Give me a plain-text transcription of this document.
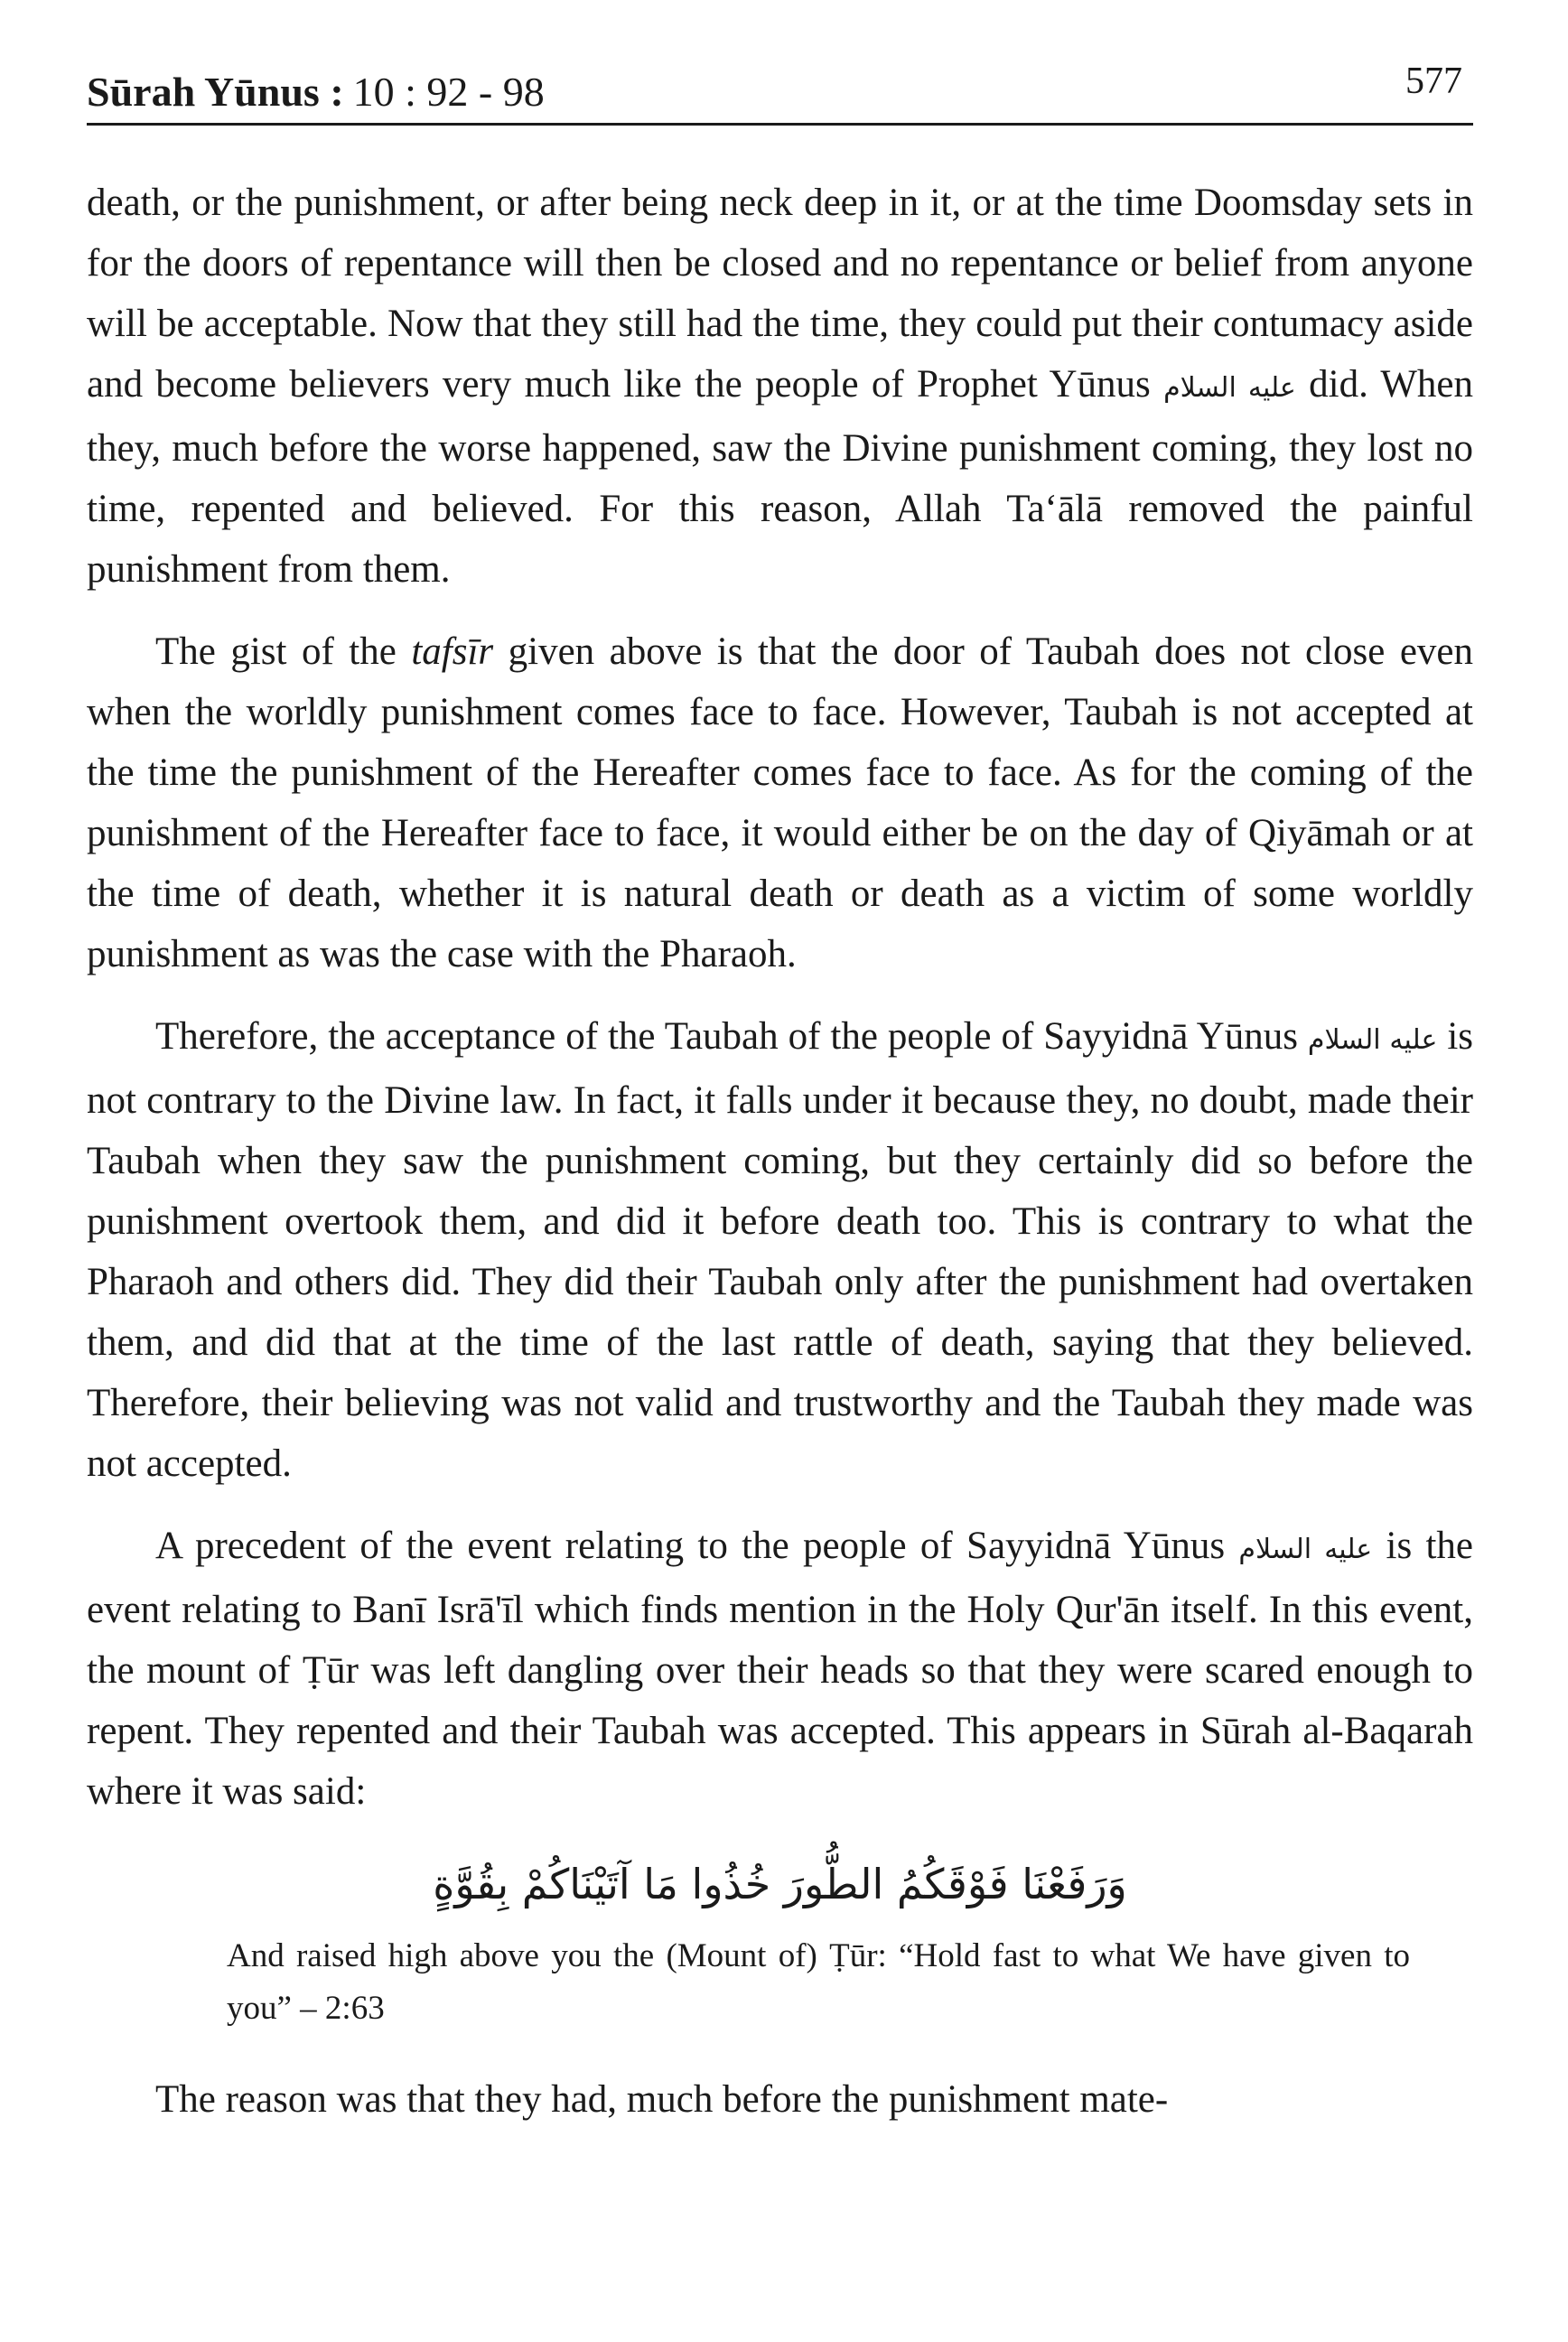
Sūrah Yūnus : 10 : 92 - 98	577

death, or the punishment, or after being neck deep in it, or at the time Doomsday sets in for the doors of repentance will then be closed and no repentance or belief from anyone will be acceptable. Now that they still had the time, they could put their contumacy aside and become believers very much like the people of Prophet Yūnus عليه السلام did. When they, much before the worse happened, saw the Divine punishment coming, they lost no time, repented and believed. For this reason, Allah Ta‘ālā removed the painful punishment from them.

The gist of the tafsīr given above is that the door of Taubah does not close even when the worldly punishment comes face to face. However, Taubah is not accepted at the time the punishment of the Hereafter comes face to face. As for the coming of the punishment of the Hereafter face to face, it would either be on the day of Qiyāmah or at the time of death, whether it is natural death or death as a victim of some worldly punishment as was the case with the Pharaoh.

Therefore, the acceptance of the Taubah of the people of Sayyidnā Yūnus عليه السلام is not contrary to the Divine law. In fact, it falls under it because they, no doubt, made their Taubah when they saw the punishment coming, but they certainly did so before the punishment overtook them, and did it before death too. This is contrary to what the Pharaoh and others did. They did their Taubah only after the punishment had overtaken them, and did that at the time of the last rattle of death, saying that they believed. Therefore, their believing was not valid and trustworthy and the Taubah they made was not accepted.

A precedent of the event relating to the people of Sayyidnā Yūnus عليه السلام is the event relating to Banī Isrā'īl which finds mention in the Holy Qur'ān itself. In this event, the mount of Ṭūr was left dangling over their heads so that they were scared enough to repent. They repented and their Taubah was accepted. This appears in Sūrah al-Baqarah where it was said:

وَرَفَعْنَا فَوْقَكُمُ الطُّورَ خُذُوا مَا آتَيْنَاكُمْ بِقُوَّةٍ
And raised high above you the (Mount of) Ṭūr: “Hold fast to what We have given to you” – 2:63

The reason was that they had, much before the punishment mate-
